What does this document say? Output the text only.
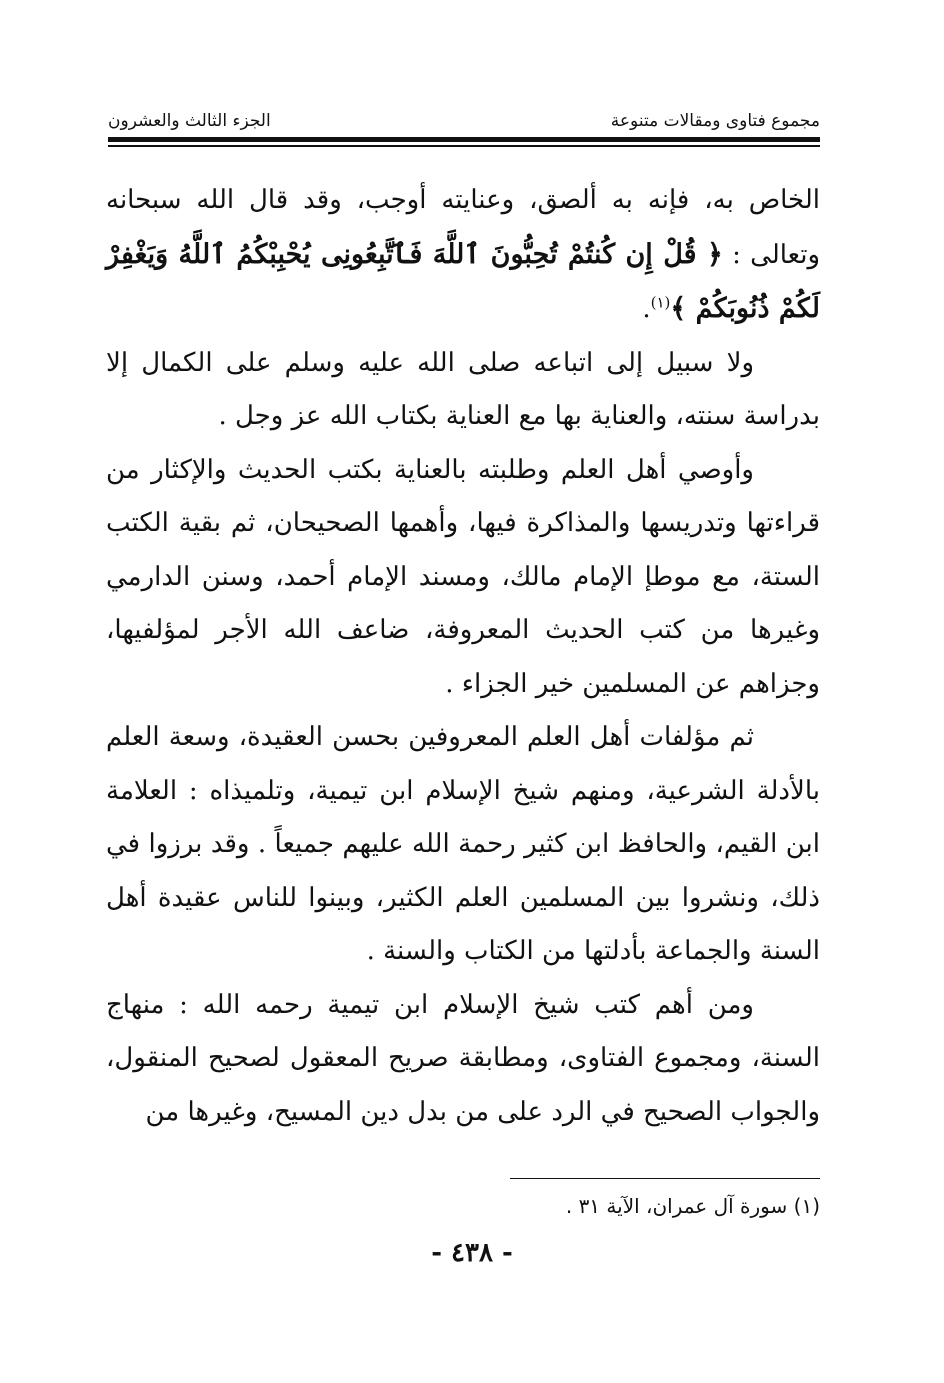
مجموع فتاوى ومقالات متنوعة
الجزء الثالث والعشرون

الخاص به، فإنه به ألصق، وعنايته أوجب، وقد قال الله سبحانه وتعالى : ﴿ قُلْ إِن كُنتُمْ تُحِبُّونَ ٱللَّهَ فَٱتَّبِعُونِى يُحْبِبْكُمُ ٱللَّهُ وَيَغْفِرْ لَكُمْ ذُنُوبَكُمْ ﴾$^{(١)}$.

ولا سبيل إلى اتباعه صلى الله عليه وسلم على الكمال إلا بدراسة سنته، والعناية بها مع العناية بكتاب الله عز وجل .

وأوصي أهل العلم وطلبته بالعناية بكتب الحديث والإكثار من قراءتها وتدريسها والمذاكرة فيها، وأهمها الصحيحان، ثم بقية الكتب الستة، مع موطإ الإمام مالك، ومسند الإمام أحمد، وسنن الدارمي وغيرها من كتب الحديث المعروفة، ضاعف الله الأجر لمؤلفيها، وجزاهم عن المسلمين خير الجزاء .

ثم مؤلفات أهل العلم المعروفين بحسن العقيدة، وسعة العلم بالأدلة الشرعية، ومنهم شيخ الإسلام ابن تيمية، وتلميذاه : العلامة ابن القيم، والحافظ ابن كثير رحمة الله عليهم جميعاً . وقد برزوا في ذلك، ونشروا بين المسلمين العلم الكثير، وبينوا للناس عقيدة أهل السنة والجماعة بأدلتها من الكتاب والسنة .

ومن أهم كتب شيخ الإسلام ابن تيمية رحمه الله : منهاج السنة، ومجموع الفتاوى، ومطابقة صريح المعقول لصحيح المنقول، والجواب الصحيح في الرد على من بدل دين المسيح، وغيرها من

(١) سورة آل عمران، الآية ٣١ .
- ٤٣٨ -
